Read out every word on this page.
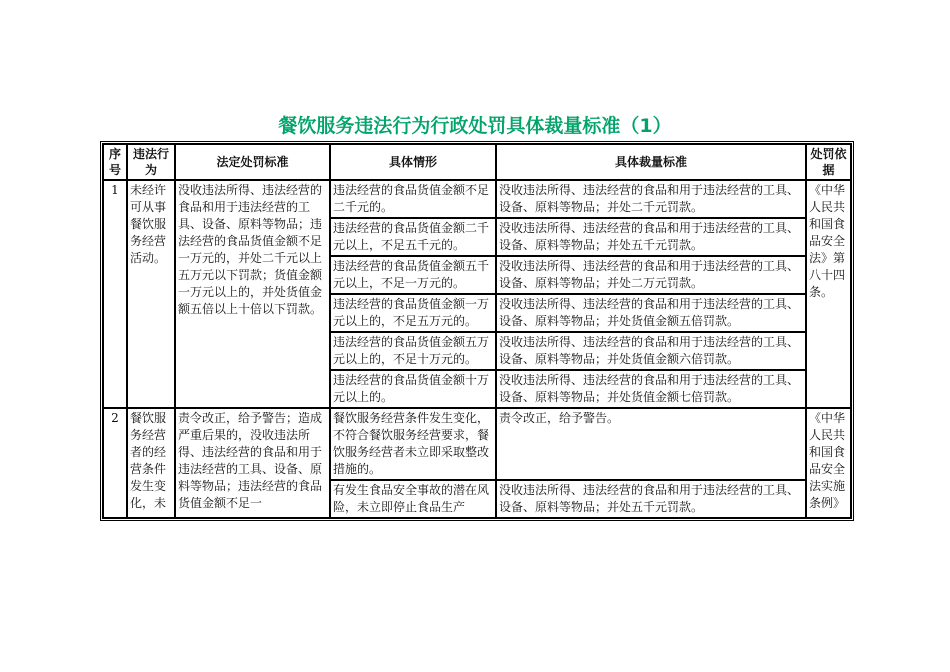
餐饮服务违法行为行政处罚具体裁量标准（1）
序号	违法行为	法定处罚标准	具体情形	具体裁量标准	处罚依据
1	未经许可从事餐饮服务经营活动。	没收违法所得、违法经营的食品和用于违法经营的工具、设备、原料等物品；违法经营的食品货值金额不足一万元的，并处二千元以上五万元以下罚款；货值金额一万元以上的，并处货值金额五倍以上十倍以下罚款。	违法经营的食品货值金额不足二千元的。	没收违法所得、违法经营的食品和用于违法经营的工具、设备、原料等物品；并处二千元罚款。	《中华人民共和国食品安全法》第八十四条。
			违法经营的食品货值金额二千元以上，不足五千元的。	没收违法所得、违法经营的食品和用于违法经营的工具、设备、原料等物品；并处五千元罚款。	
			违法经营的食品货值金额五千元以上，不足一万元的。	没收违法所得、违法经营的食品和用于违法经营的工具、设备、原料等物品；并处二万元罚款。	
			违法经营的食品货值金额一万元以上的，不足五万元的。	没收违法所得、违法经营的食品和用于违法经营的工具、设备、原料等物品；并处货值金额五倍罚款。	
			违法经营的食品货值金额五万元以上的，不足十万元的。	没收违法所得、违法经营的食品和用于违法经营的工具、设备、原料等物品；并处货值金额六倍罚款。	
			违法经营的食品货值金额十万元以上的。	没收违法所得、违法经营的食品和用于违法经营的工具、设备、原料等物品；并处货值金额七倍罚款。	
2	餐饮服务经营者的经营条件发生变化，未	责令改正，给予警告；造成严重后果的，没收违法所得、违法经营的食品和用于违法经营的工具、设备、原料等物品；违法经营的食品货值金额不足一	餐饮服务经营条件发生变化，不符合餐饮服务经营要求，餐饮服务经营者未立即采取整改措施的。	责令改正，给予警告。	《中华人民共和国食品安全法实施条例》
			有发生食品安全事故的潜在风险，未立即停止食品生产	没收违法所得、违法经营的食品和用于违法经营的工具、设备、原料等物品；并处五千元罚款。	
